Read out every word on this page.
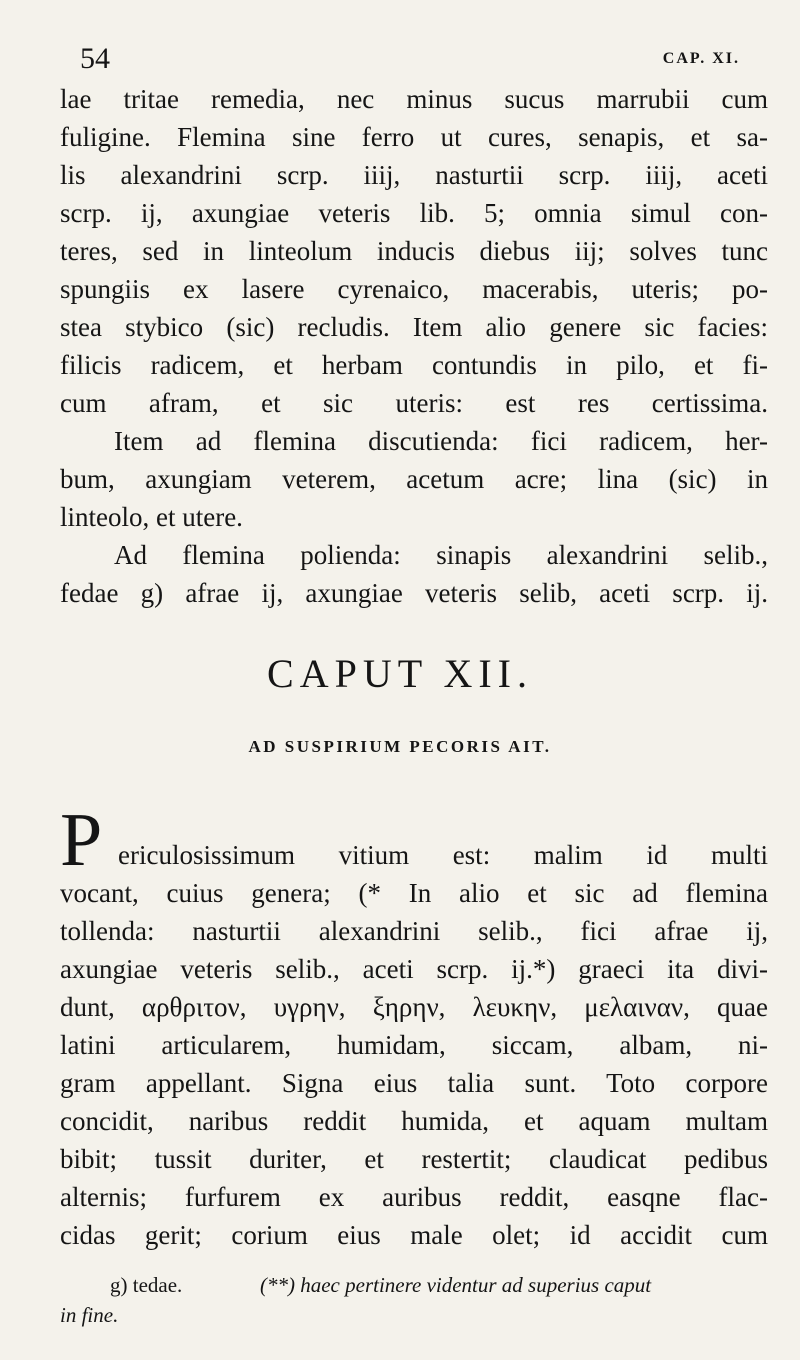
54	CAP. XI.
lae tritae remedia, nec minus sucus marrubii cum
fuligine. Flemina sine ferro ut cures, senapis, et sa-
lis alexandrini scrp. iiij, nasturtii scrp. iiij, aceti
scrp. ij, axungiae veteris lib. 5; omnia simul con-
teres, sed in linteolum inducis diebus iij; solves tunc
spungiis ex lasere cyrenaico, macerabis, uteris; po-
stea stybico (sic) recludis. Item alio genere sic facies:
filicis radicem, et herbam contundis in pilo, et fi-
cum afram, et sic uteris: est res certissima.
Item ad flemina discutienda: fici radicem, her-
bum, axungiam veterem, acetum acre; lina (sic) in
linteolo, et utere.
Ad flemina polienda: sinapis alexandrini selib.,
fedae g) afrae ij, axungiae veteris selib, aceti scrp. ij.
CAPUT XII.
AD SUSPIRIUM PECORIS AIT.
P ericulosissimum vitium est: malim id multi
vocant, cuius genera; (* In alio et sic ad flemina
tollenda: nasturtii alexandrini selib., fici afrae ij,
axungiae veteris selib., aceti scrp. ij.*) graeci ita divi-
dunt, αρθριτον, υγρην, ξηρην, λευκην, μελαιναν, quae
latini articularem, humidam, siccam, albam, ni-
gram appellant. Signa eius talia sunt. Toto corpore
concidit, naribus reddit humida, et aquam multam
bibit; tussit duriter, et restertit; claudicat pedibus
alternis; furfurem ex auribus reddit, easqne flac-
cidas gerit; corium eius male olet; id accidit cum
g) tedae.	(**) haec pertinere videntur ad superius caput
in fine.
